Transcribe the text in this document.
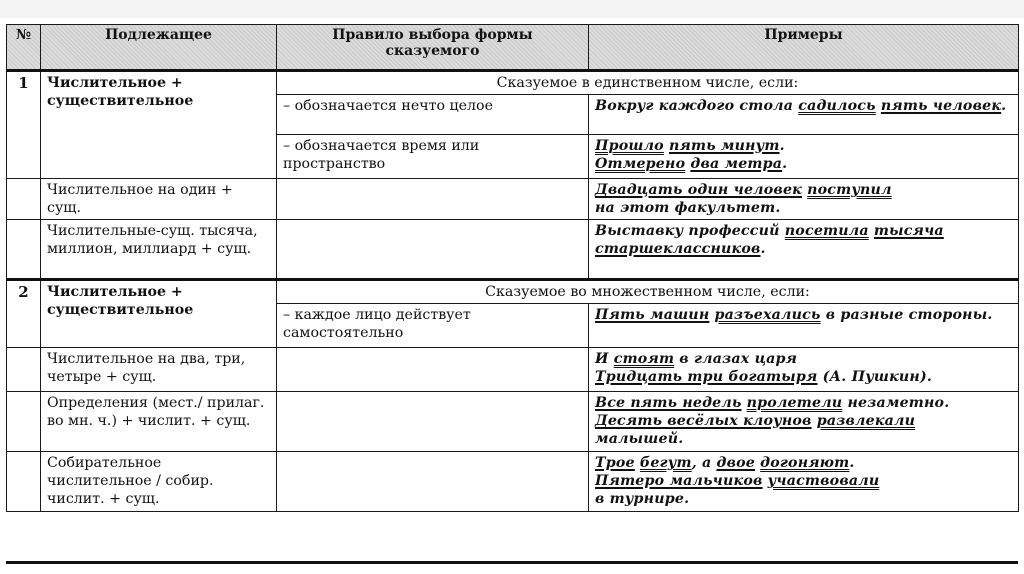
№	Подлежащее	Правило выбора формы сказуемого	Примеры
1	Числительное + существительное	Сказуемое в единственном числе, если:	
		– обозначается нечто целое	Вокруг каждого стола садилось пять человек.
		– обозначается время или пространство	Прошло пять минут.
Отмерено два метра.
	Числительное на один + сущ.		Двадцать один человек поступил
на этот факультет.
	Числительные-сущ. тысяча, миллион, миллиард + сущ.		Выставку профессий посетила тысяча старшеклассников.
2	Числительное + существительное	Сказуемое во множественном числе, если:	
		– каждое лицо действует самостоятельно	Пять машин разъехались в разные стороны.
	Числительное на два, три, четыре + сущ.		И стоят в глазах царя
Тридцать три богатыря (А. Пушкин).
	Определения (мест./ прилаг. во мн. ч.) + числит. + сущ.		Все пять недель пролетели незаметно.
Десять весёлых клоунов развлекали
малышей.
	Собирательное числительное / собир. числит. + сущ.		Трое бегут, а двое догоняют.
Пятеро мальчиков участвовали
в турнире.
